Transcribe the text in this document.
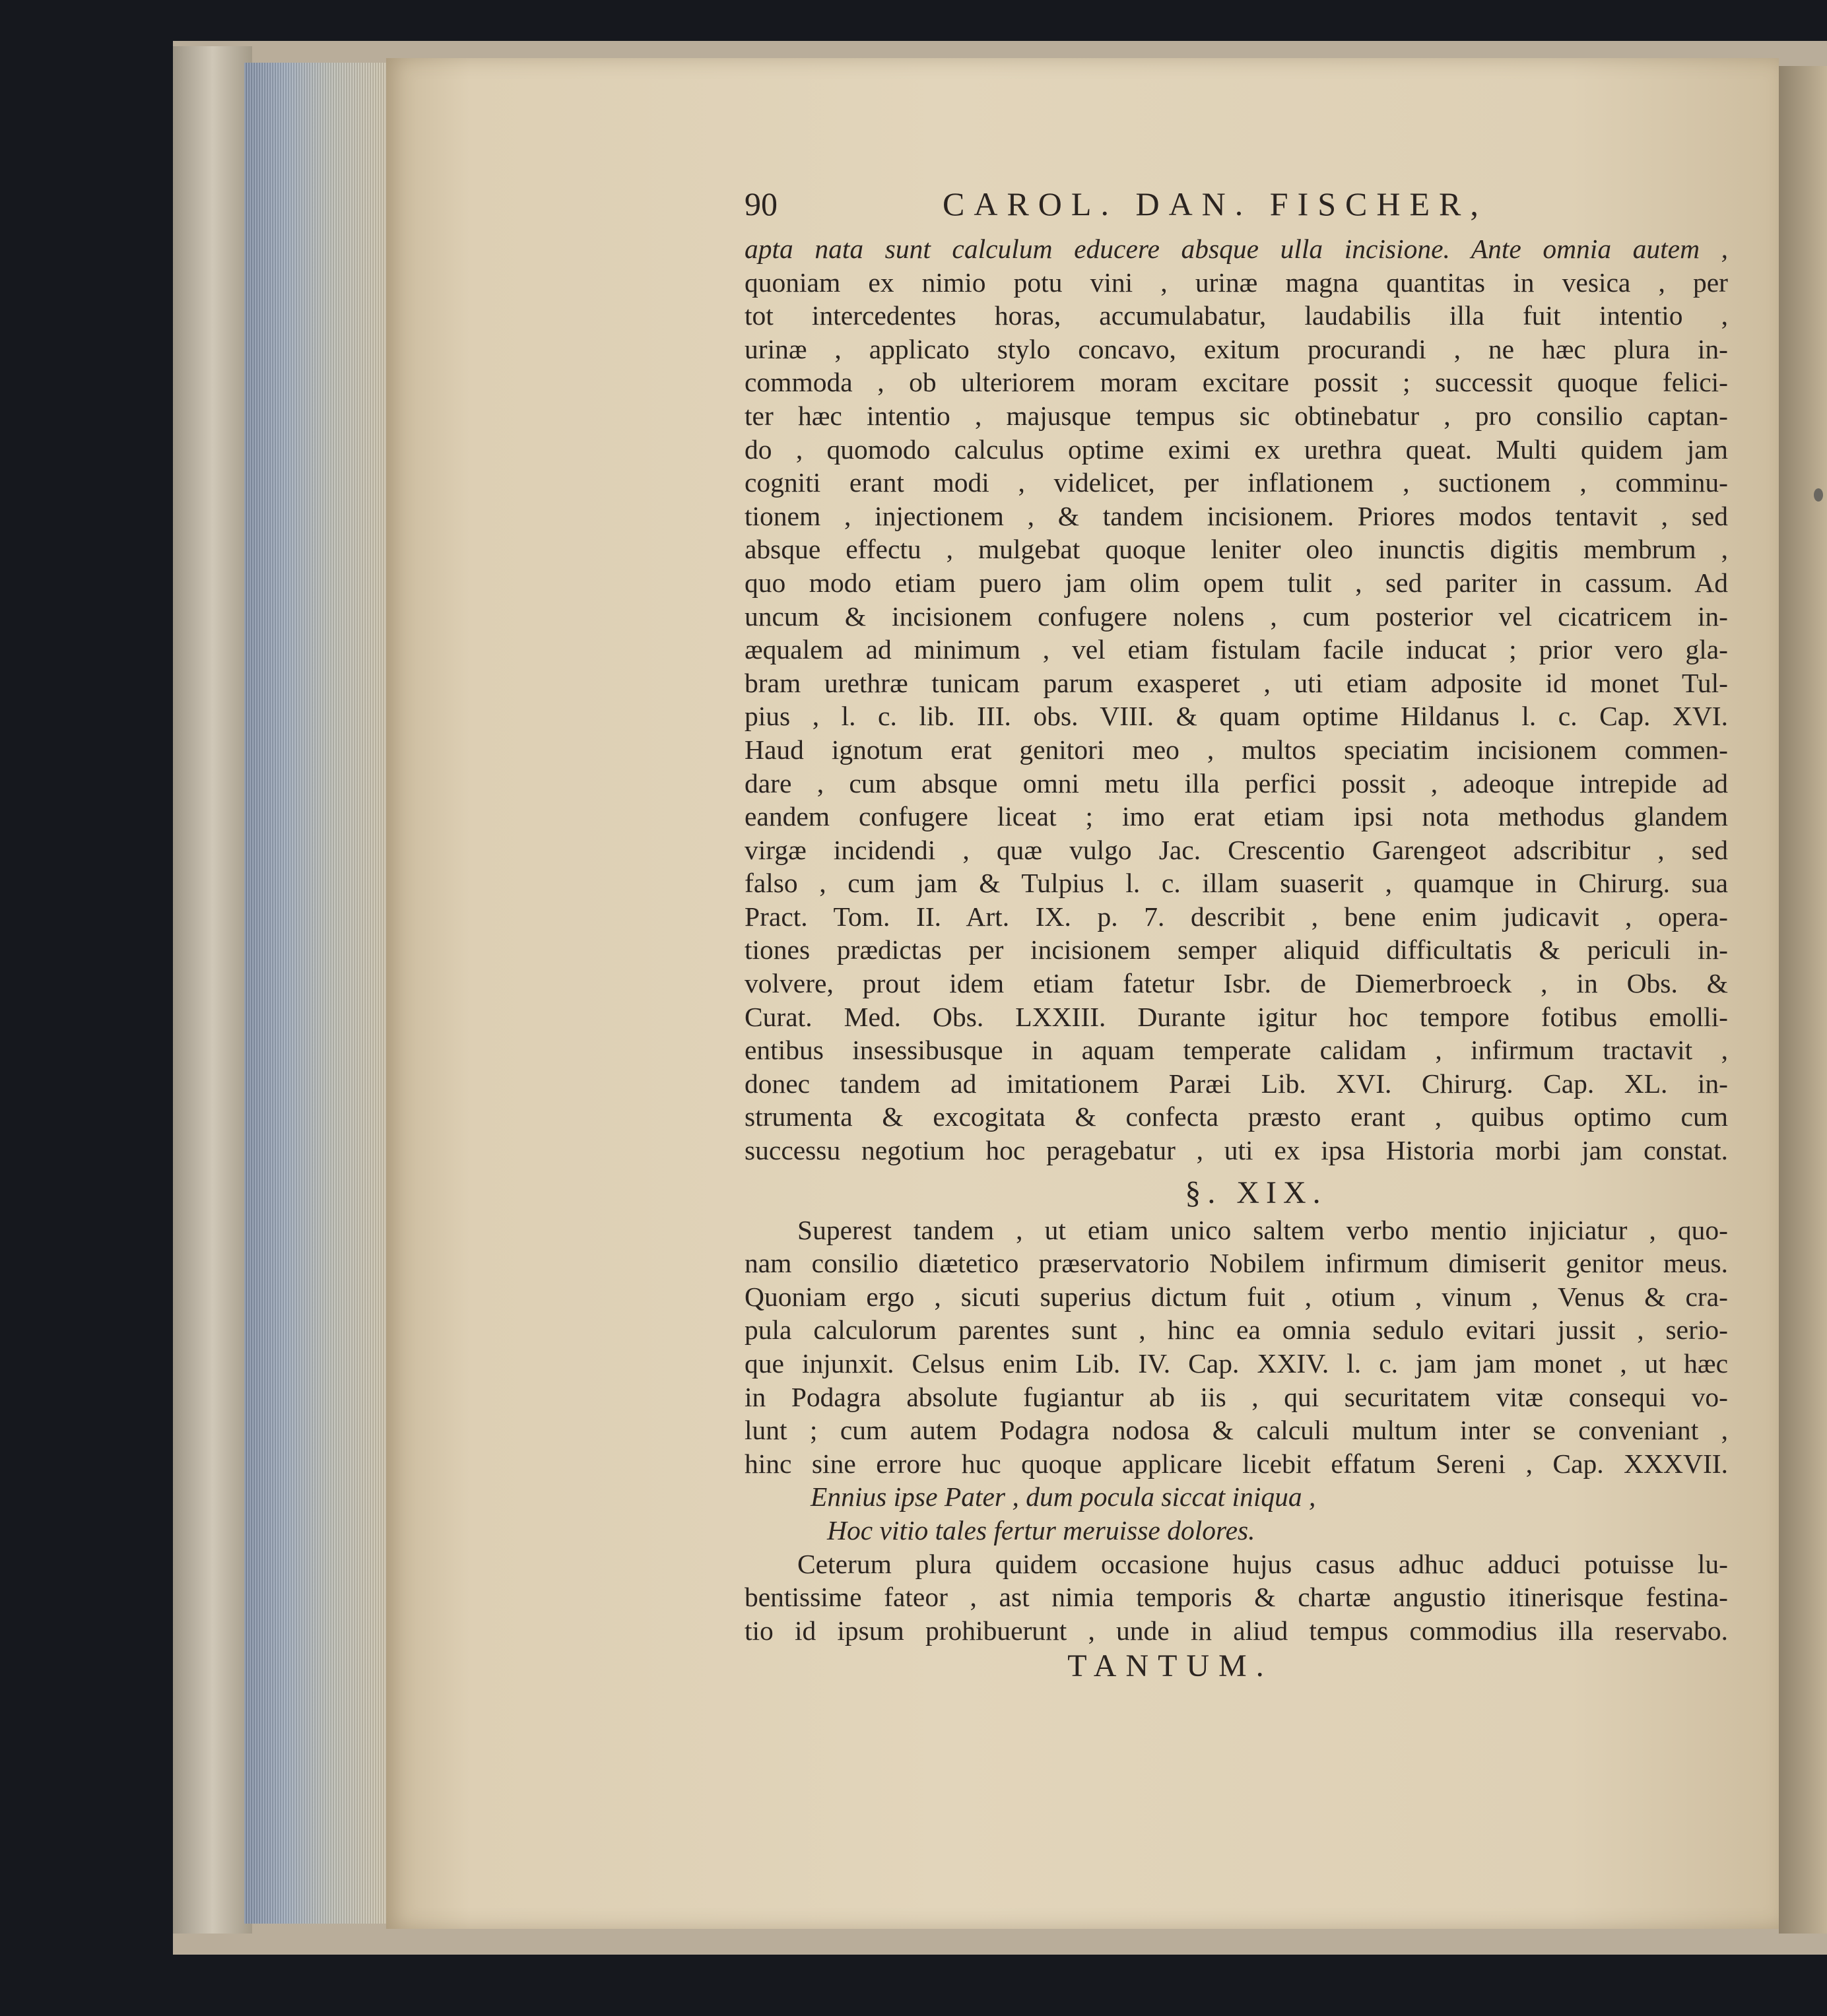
90	CAROL. DAN. FISCHER,
apta nata sunt calculum educere absque ulla incisione. Ante omnia autem ,
quoniam ex nimio potu vini , urinæ magna quantitas in vesica , per
tot intercedentes horas, accumulabatur, laudabilis illa fuit intentio ,
urinæ , applicato stylo concavo, exitum procurandi , ne hæc plura in-
commoda , ob ulteriorem moram excitare possit ; successit quoque felici-
ter hæc intentio , majusque tempus sic obtinebatur , pro consilio captan-
do , quomodo calculus optime eximi ex urethra queat. Multi quidem jam
cogniti erant modi , videlicet, per inflationem , suctionem , comminu-
tionem , injectionem , & tandem incisionem. Priores modos tentavit , sed
absque effectu , mulgebat quoque leniter oleo inunctis digitis membrum ,
quo modo etiam puero jam olim opem tulit , sed pariter in cassum. Ad
uncum & incisionem confugere nolens , cum posterior vel cicatricem in-
æqualem ad minimum , vel etiam fistulam facile inducat ; prior vero gla-
bram urethræ tunicam parum exasperet , uti etiam adposite id monet Tul-
pius , l. c. lib. III. obs. VIII. & quam optime Hildanus l. c. Cap. XVI.
Haud ignotum erat genitori meo , multos speciatim incisionem commen-
dare , cum absque omni metu illa perfici possit , adeoque intrepide ad
eandem confugere liceat ; imo erat etiam ipsi nota methodus glandem
virgæ incidendi , quæ vulgo Jac. Crescentio Garengeot adscribitur , sed
falso , cum jam & Tulpius l. c. illam suaserit , quamque in Chirurg. sua
Pract. Tom. II. Art. IX. p. 7. describit , bene enim judicavit , opera-
tiones prædictas per incisionem semper aliquid difficultatis & periculi in-
volvere, prout idem etiam fatetur Isbr. de Diemerbroeck , in Obs. &
Curat. Med. Obs. LXXIII. Durante igitur hoc tempore fotibus emolli-
entibus insessibusque in aquam temperate calidam , infirmum tractavit ,
donec tandem ad imitationem Paræi Lib. XVI. Chirurg. Cap. XL. in-
strumenta & excogitata & confecta præsto erant , quibus optimo cum
successu negotium hoc peragebatur , uti ex ipsa Historia morbi jam constat.
§. XIX.
Superest tandem , ut etiam unico saltem verbo mentio injiciatur , quo-
nam consilio diætetico præservatorio Nobilem infirmum dimiserit genitor meus.
Quoniam ergo , sicuti superius dictum fuit , otium , vinum , Venus & cra-
pula calculorum parentes sunt , hinc ea omnia sedulo evitari jussit , serio-
que injunxit. Celsus enim Lib. IV. Cap. XXIV. l. c. jam jam monet , ut hæc
in Podagra absolute fugiantur ab iis , qui securitatem vitæ consequi vo-
lunt ; cum autem Podagra nodosa & calculi multum inter se conveniant ,
hinc sine errore huc quoque applicare licebit effatum Sereni , Cap. XXXVII.
Ennius ipse Pater , dum pocula siccat iniqua ,
Hoc vitio tales fertur meruisse dolores.
Ceterum plura quidem occasione hujus casus adhuc adduci potuisse lu-
bentissime fateor , ast nimia temporis & chartæ angustio itinerisque festina-
tio id ipsum prohibuerunt , unde in aliud tempus commodius illa reservabo.
TANTUM.
